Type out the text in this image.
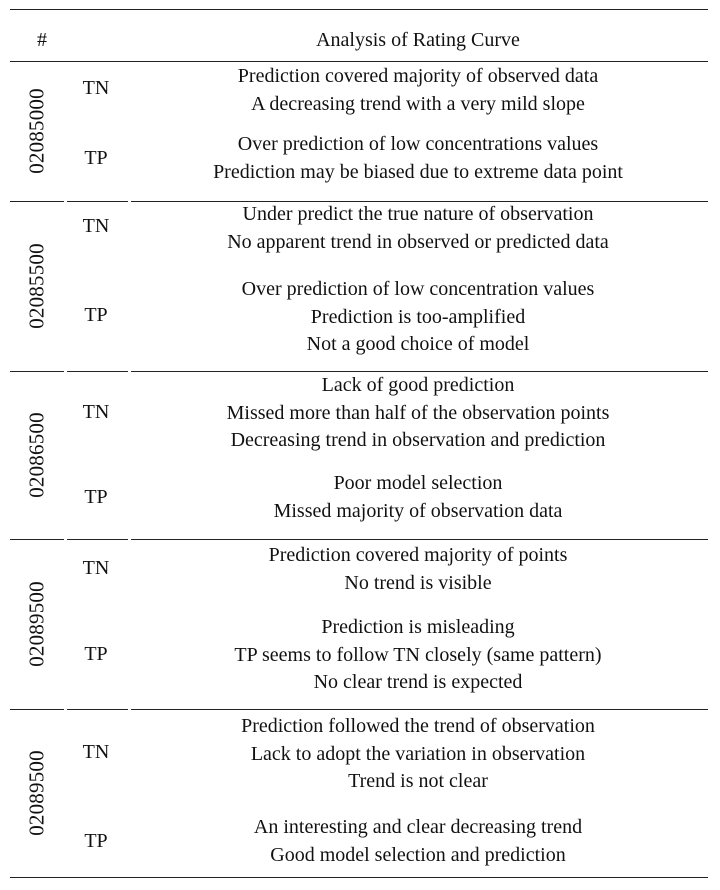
#	Analysis of Rating Curve
02085000
TN
Prediction covered majority of observed data
A decreasing trend with a very mild slope
TP
Over prediction of low concentrations values
Prediction may be biased due to extreme data point
02085500
TN
Under predict the true nature of observation
No apparent trend in observed or predicted data
TP
Over prediction of low concentration values
Prediction is too-amplified
Not a good choice of model
02086500
TN
Lack of good prediction
Missed more than half of the observation points
Decreasing trend in observation and prediction
TP
Poor model selection
Missed majority of observation data
02089500
TN
Prediction covered majority of points
No trend is visible
TP
Prediction is misleading
TP seems to follow TN closely (same pattern)
No clear trend is expected
02089500	TN
Prediction followed the trend of observation
Lack to adopt the variation in observation
Trend is not clear
TP
An interesting and clear decreasing trend
Good model selection and prediction
